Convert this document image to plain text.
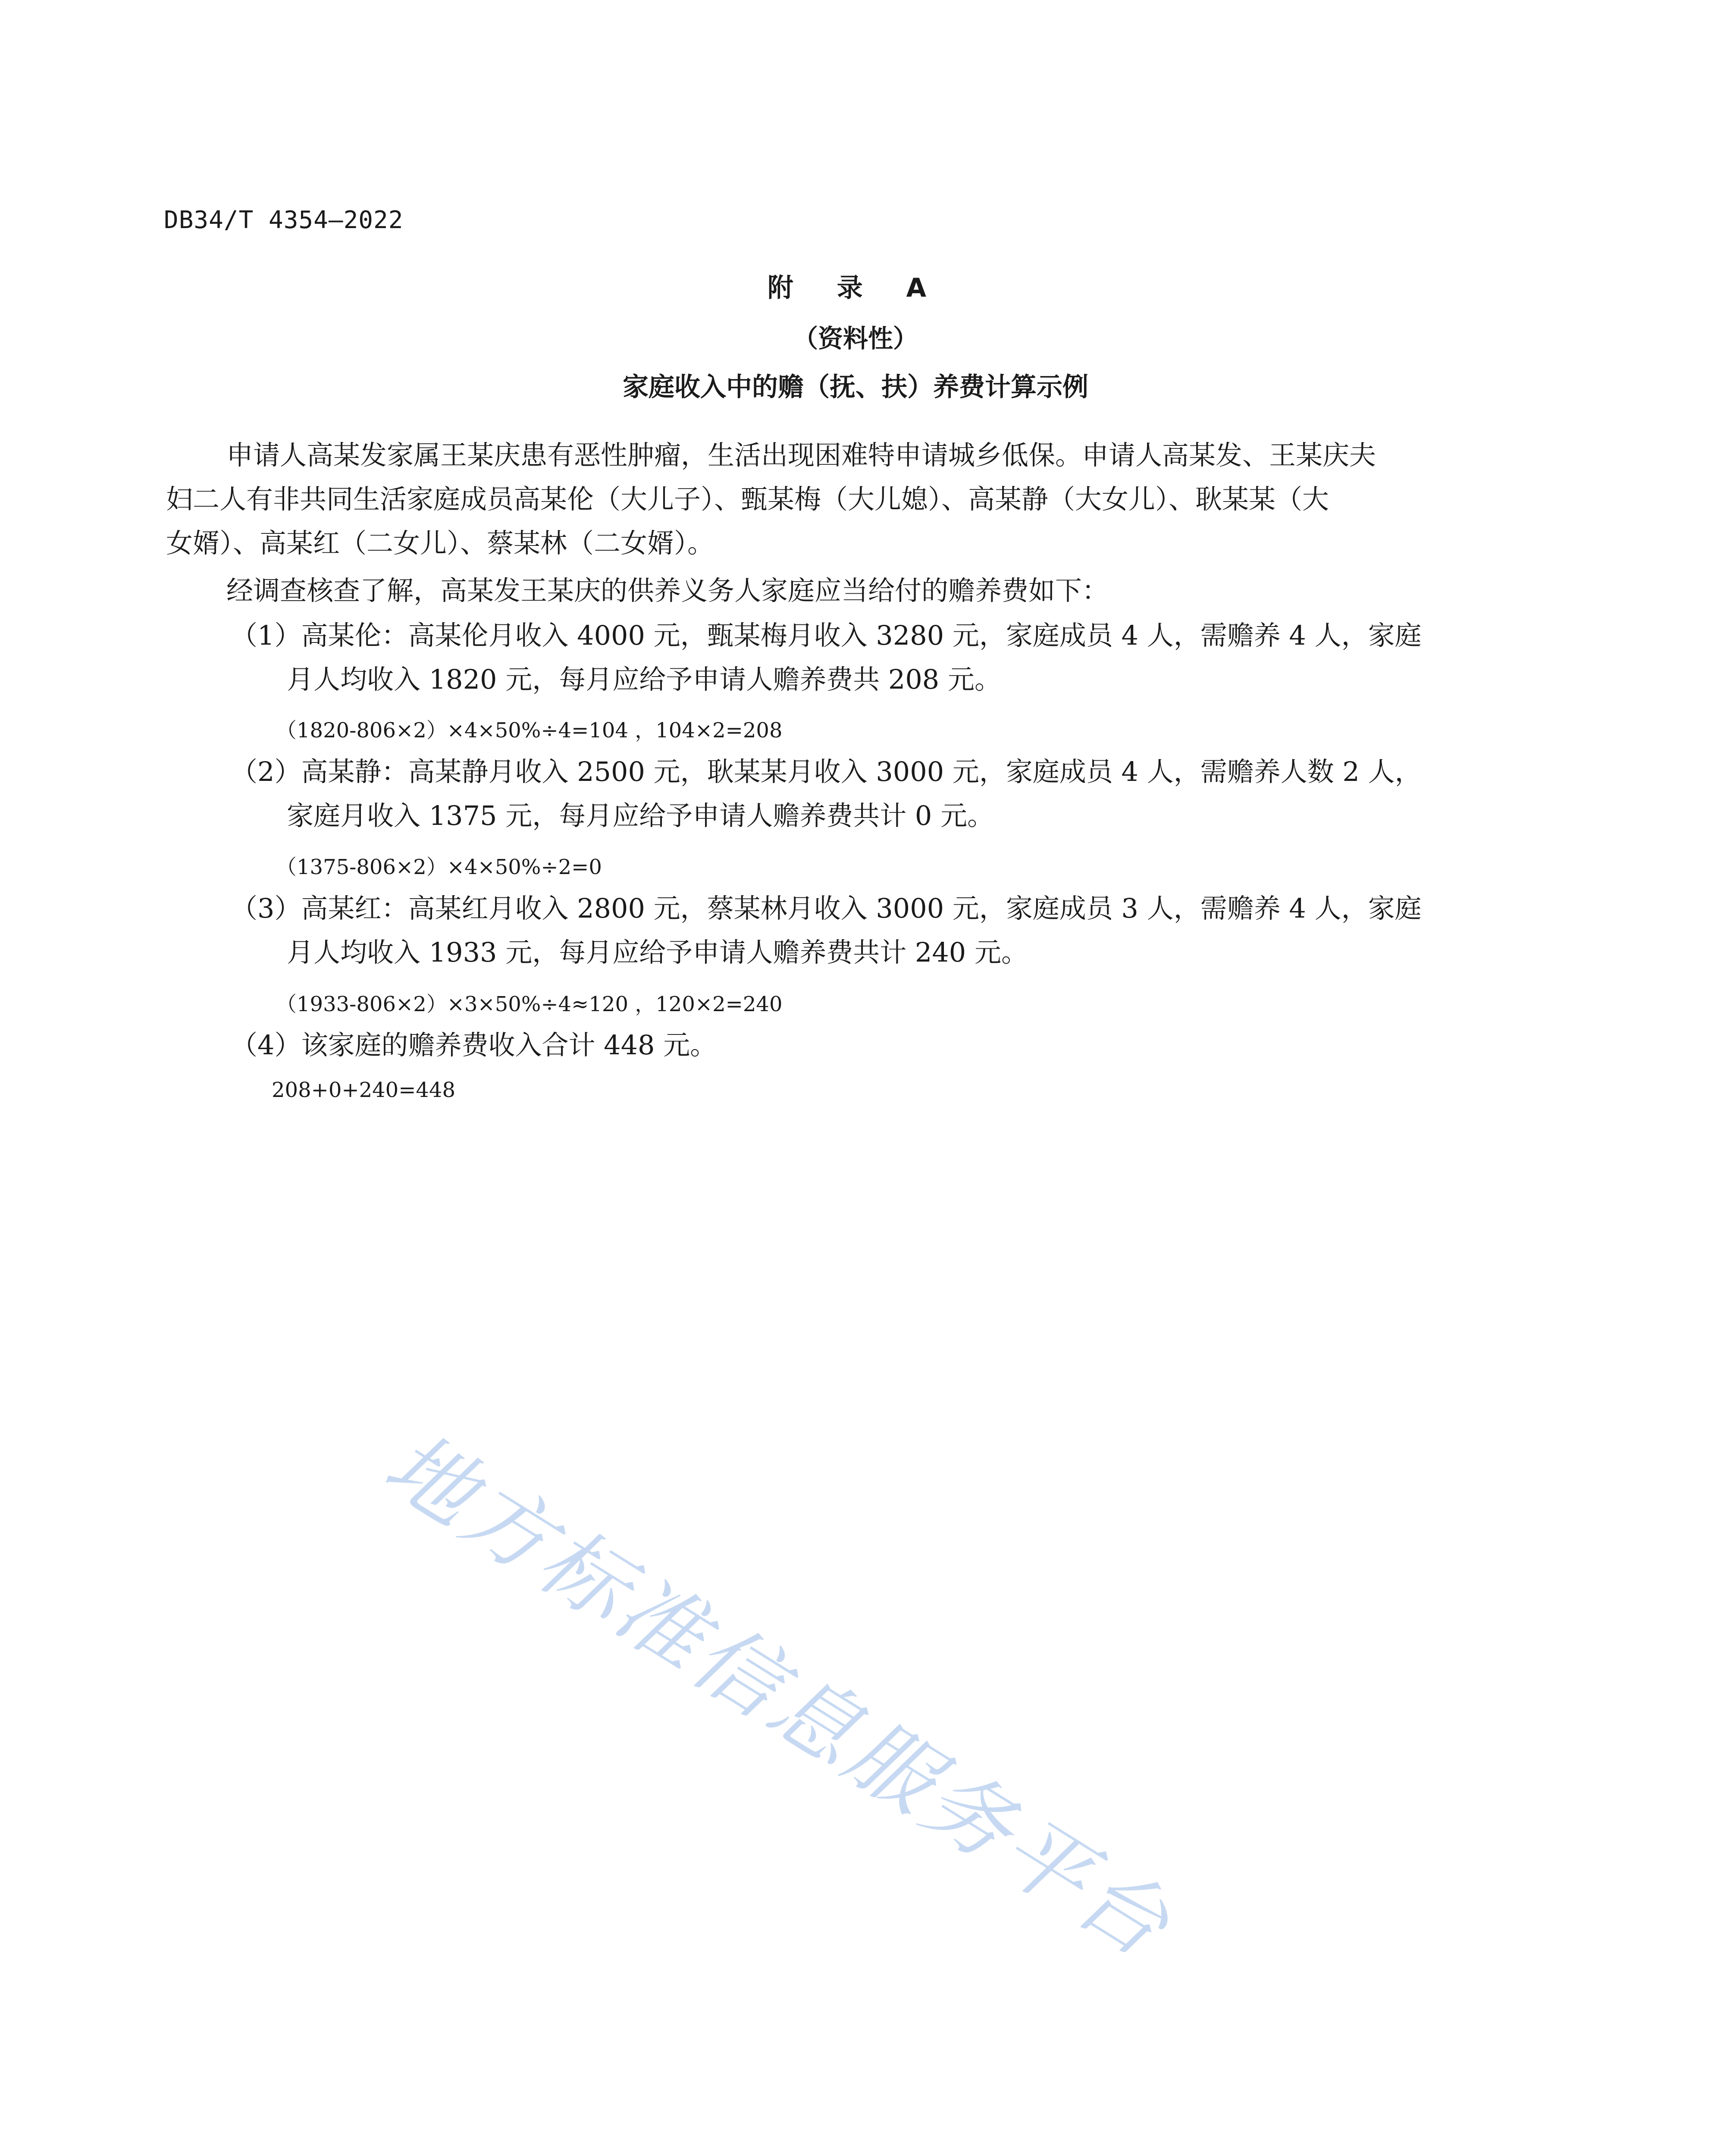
DB34/T 4354—2022
附 录 A
（资料性）
家庭收入中的赡（抚、扶）养费计算示例
申请人高某发家属王某庆患有恶性肿瘤，生活出现困难特申请城乡低保。申请人高某发、王某庆夫
妇二人有非共同生活家庭成员高某伦（大儿子）、甄某梅（大儿媳）、高某静（大女儿）、耿某某（大
女婿）、高某红（二女儿）、蔡某林（二女婿）。
经调查核查了解，高某发王某庆的供养义务人家庭应当给付的赡养费如下：
（1）高某伦：高某伦月收入 4000 元，甄某梅月收入 3280 元，家庭成员 4 人，需赡养 4 人，家庭
月人均收入 1820 元，每月应给予申请人赡养费共 208 元。
（1820-806×2）×4×50%÷4=104 ，104×2=208
（2）高某静：高某静月收入 2500 元，耿某某月收入 3000 元，家庭成员 4 人，需赡养人数 2 人，
家庭月收入 1375 元，每月应给予申请人赡养费共计 0 元。
（1375-806×2）×4×50%÷2=0
（3）高某红：高某红月收入 2800 元，蔡某林月收入 3000 元，家庭成员 3 人，需赡养 4 人，家庭
月人均收入 1933 元，每月应给予申请人赡养费共计 240 元。
（1933-806×2）×3×50%÷4≈120 ，120×2=240
（4）该家庭的赡养费收入合计 448 元。
208+0+240=448
地方标准信息服务平台
